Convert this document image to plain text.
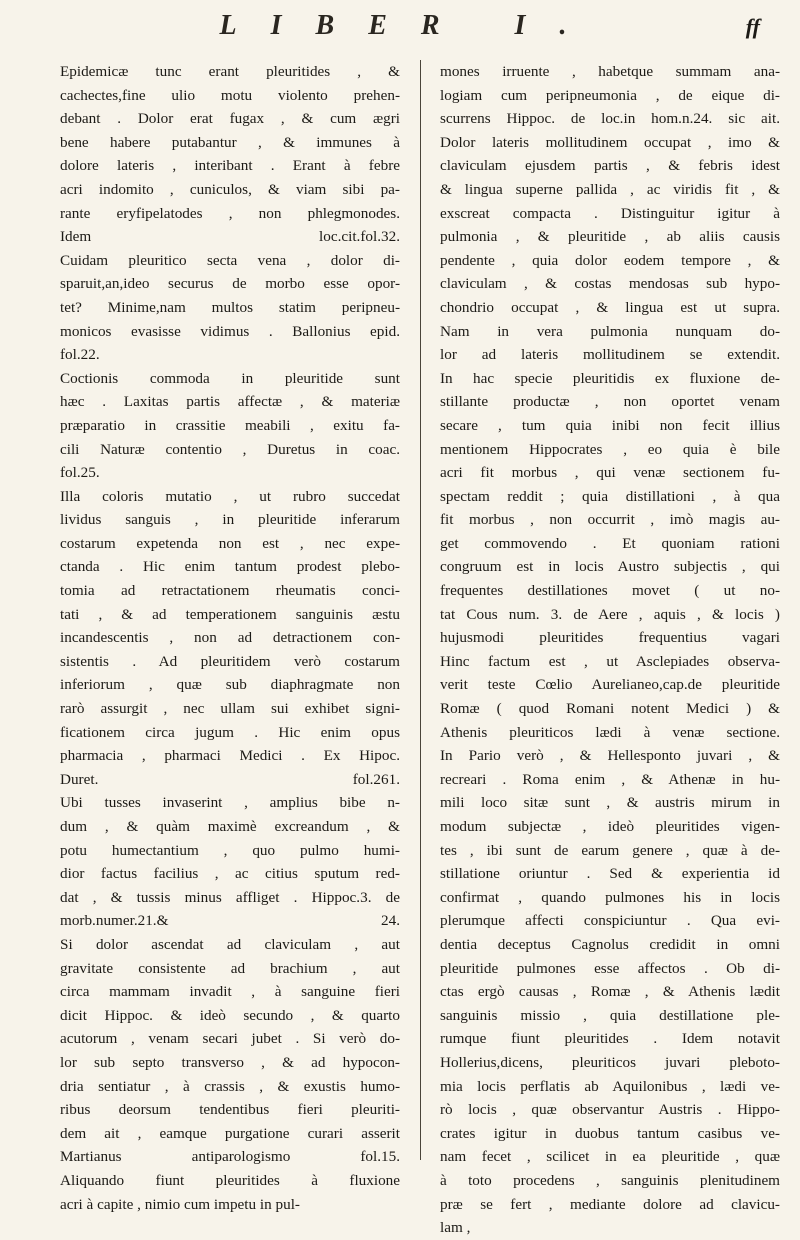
LIBER I.	ff
Epidemicæ tunc erant pleuritides , &
cachectes,fine ulio motu violento prehen-
debant . Dolor erat fugax , & cum ægri
bene habere putabantur , & immunes à
dolore lateris , interibant . Erant à febre
acri indomito , cuniculos, & viam sibi pa-
rante eryfipelatodes , non phlegmonodes.
Idem loc.cit.fol.32.
Cuidam pleuritico secta vena , dolor di-
sparuit,an,ideo securus de morbo esse opor-
tet? Minime,nam multos statim peripneu-
monicos evasisse vidimus . Ballonius epid.
fol.22.
Coctionis commoda in pleuritide sunt
hæc . Laxitas partis affectæ , & materiæ
præparatio in crassitie meabili , exitu fa-
cili Naturæ contentio , Duretus in coac.
fol.25.
Illa coloris mutatio , ut rubro succedat
lividus sanguis , in pleuritide inferarum
costarum expetenda non est , nec expe-
ctanda . Hic enim tantum prodest plebo-
tomia ad retractationem rheumatis conci-
tati , & ad temperationem sanguinis æstu
incandescentis , non ad detractionem con-
sistentis . Ad pleuritidem verò costarum
inferiorum , quæ sub diaphragmate non
rarò assurgit , nec ullam sui exhibet signi-
ficationem circa jugum . Hic enim opus
pharmacia , pharmaci Medici . Ex Hipoc.
Duret. fol.261.
Ubi tusses invaserint , amplius bibe n-
dum , & quàm maximè excreandum , &
potu humectantium , quo pulmo humi-
dior factus facilius , ac citius sputum red-
dat , & tussis minus affliget . Hippoc.3. de
morb.numer.21.& 24.
Si dolor ascendat ad claviculam , aut
gravitate consistente ad brachium , aut
circa mammam invadit , à sanguine fieri
dicit Hippoc. & ideò secundo , & quarto
acutorum , venam secari jubet . Si verò do-
lor sub septo transverso , & ad hypocon-
dria sentiatur , à crassis , & exustis humo-
ribus deorsum tendentibus fieri pleuriti-
dem ait , eamque purgatione curari asserit
Martianus antiparologismo fol.15.
Aliquando fiunt pleuritides à fluxione
acri à capite , nimio cum impetu in pul-
mones irruente , habetque summam ana-
logiam cum peripneumonia , de eique di-
scurrens Hippoc. de loc.in hom.n.24. sic ait.
Dolor lateris mollitudinem occupat , imo &
claviculam ejusdem partis , & febris idest
& lingua superne pallida , ac viridis fit , &
exscreat compacta . Distinguitur igitur à
pulmonia , & pleuritide , ab aliis causis
pendente , quia dolor eodem tempore , &
claviculam , & costas mendosas sub hypo-
chondrio occupat , & lingua est ut supra.
Nam in vera pulmonia nunquam do-
lor ad lateris mollitudinem se extendit.
In hac specie pleuritidis ex fluxione de-
stillante productæ , non oportet venam
secare , tum quia inibi non fecit illius
mentionem Hippocrates , eo quia è bile
acri fit morbus , qui venæ sectionem fu-
spectam reddit ; quia distillationi , à qua
fit morbus , non occurrit , imò magis au-
get commovendo . Et quoniam rationi
congruum est in locis Austro subjectis , qui
frequentes destillationes movet ( ut no-
tat Cous num. 3. de Aere , aquis , & locis )
hujusmodi pleuritides frequentius vagari
Hinc factum est , ut Asclepiades observa-
verit teste Cœlio Aurelianeo,cap.de pleuritide
Romæ ( quod Romani notent Medici ) &
Athenis pleuriticos lædi à venæ sectione.
In Pario verò , & Hellesponto juvari , &
recreari . Roma enim , & Athenæ in hu-
mili loco sitæ sunt , & austris mirum in
modum subjectæ , ideò pleuritides vigen-
tes , ibi sunt de earum genere , quæ à de-
stillatione oriuntur . Sed & experientia id
confirmat , quando pulmones his in locis
plerumque affecti conspiciuntur . Qua evi-
dentia deceptus Cagnolus credidit in omni
pleuritide pulmones esse affectos . Ob di-
ctas ergò causas , Romæ , & Athenis lædit
sanguinis missio , quia destillatione ple-
rumque fiunt pleuritides . Idem notavit
Hollerius,dicens, pleuriticos juvari pleboto-
mia locis perflatis ab Aquilonibus , lædi ve-
rò locis , quæ observantur Austris . Hippo-
crates igitur in duobus tantum casibus ve-
nam fecet , scilicet in ea pleuritide , quæ
à toto procedens , sanguinis plenitudinem
præ se fert , mediante dolore ad clavicu-
lam ,
